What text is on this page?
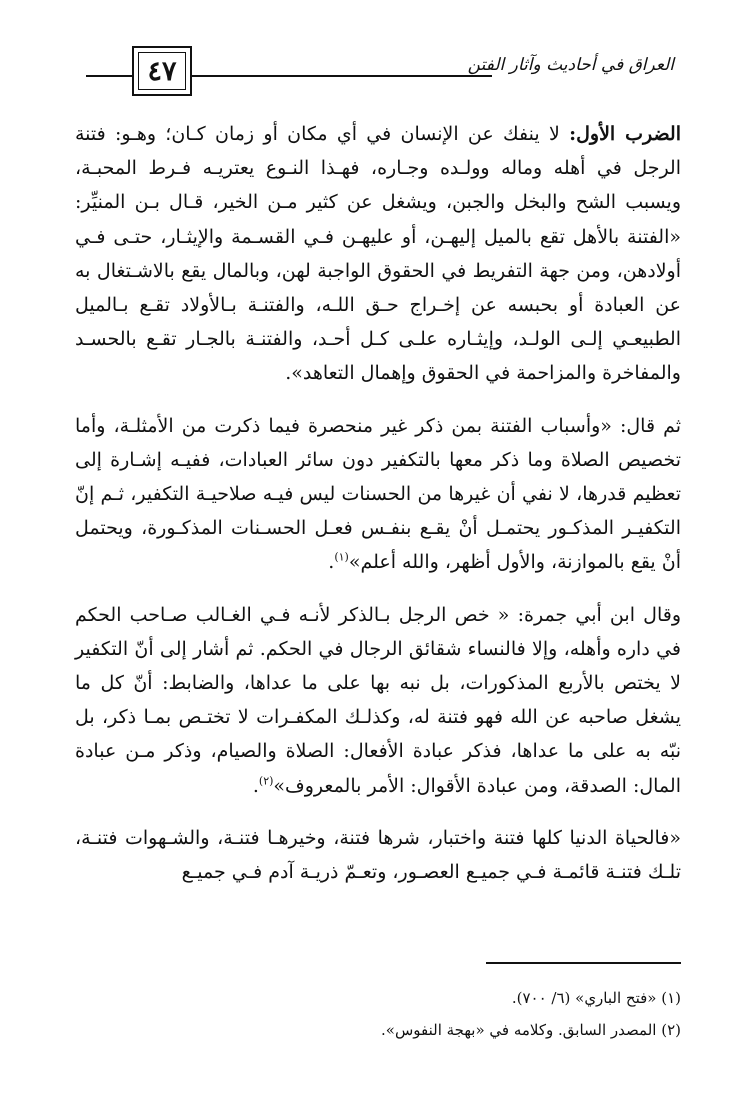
٤٧	العراق في أحاديث وآثار الفتن

الضرب الأول: لا ينفك عن الإنسان في أي مكان أو زمان كـان؛ وهـو: فتنة الرجل في أهله وماله وولـده وجـاره، فهـذا النـوع يعتريـه فـرط المحبـة، ويسبب الشح والبخل والجبن، ويشغل عن كثير مـن الخير، قـال بـن المنيِّر: «الفتنة بالأهل تقع بالميل إليهـن، أو عليهـن فـي القسـمة والإيثـار، حتـى فـي أولادهن، ومن جهة التفريط في الحقوق الواجبة لهن، وبالمال يقع بالاشـتغال به عن العبادة أو بحبسه عن إخـراج حـق اللـه، والفتنـة بـالأولاد تقـع بـالميل الطبيعـي إلـى الولـد، وإيثـاره علـى كـل أحـد، والفتنـة بالجـار تقـع بالحسـد والمفاخرة والمزاحمة في الحقوق وإهمال التعاهد».

ثم قال: «وأسباب الفتنة بمن ذكر غير منحصرة فيما ذكرت من الأمثلـة، وأما تخصيص الصلاة وما ذكر معها بالتكفير دون سائر العبادات، ففيـه إشـارة إلى تعظيم قدرها، لا نفي أن غيرها من الحسنات ليس فيـه صلاحيـة التكفير، ثـم إنّ التكفيـر المذكـور يحتمـل أنْ يقـع بنفـس فعـل الحسـنات المذكـورة، ويحتمل أنْ يقع بالموازنة، والأول أظهر، والله أعلم»$^{(١)}$.

وقال ابن أبي جمرة: « خص الرجل بـالذكر لأنـه فـي الغـالب صـاحب الحكم في داره وأهله، وإلا فالنساء شقائق الرجال في الحكم. ثم أشار إلى أنّ التكفير لا يختص بالأربع المذكورات، بل نبه بها على ما عداها، والضابط: أنّ كل ما يشغل صاحبه عن الله فهو فتنة له، وكذلـك المكفـرات لا تختـص بمـا ذكر، بل نبّه به على ما عداها، فذكر عبادة الأفعال: الصلاة والصيام، وذكر مـن عبادة المال: الصدقة، ومن عبادة الأقوال: الأمر بالمعروف»$^{(٢)}$.

«فالحياة الدنيا كلها فتنة واختبار، شرها فتنة، وخيرهـا فتنـة، والشـهوات فتنـة، تلـك فتنـة قائمـة فـي جميـع العصـور، وتعـمّ ذريـة آدم فـي جميـع

(١) «فتح الباري» (٦/ ٧٠٠).
(٢) المصدر السابق. وكلامه في «بهجة النفوس».
